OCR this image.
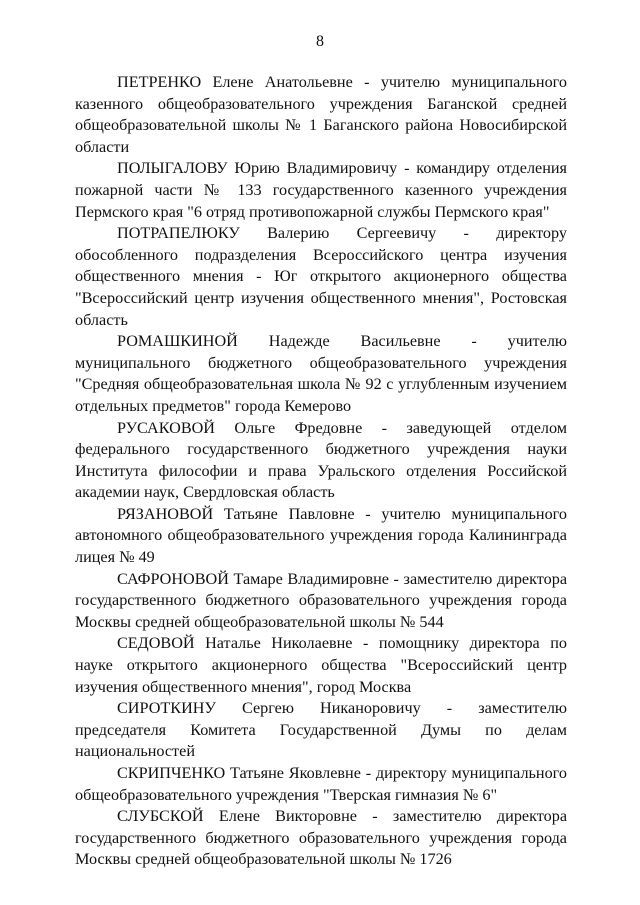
8

ПЕТРЕНКО Елене Анатольевне - учителю муниципального казенного общеобразовательного учреждения Баганской средней общеобразовательной школы № 1 Баганского района Новосибирской области

ПОЛЫГАЛОВУ Юрию Владимировичу - командиру отделения пожарной части № 133 государственного казенного учреждения Пермского края "6 отряд противопожарной службы Пермского края"

ПОТРАПЕЛЮКУ Валерию Сергеевичу - директору обособленного подразделения Всероссийского центра изучения общественного мнения - Юг открытого акционерного общества "Всероссийский центр изучения общественного мнения", Ростовская область

РОМАШКИНОЙ Надежде Васильевне - учителю муниципального бюджетного общеобразовательного учреждения "Средняя общеобразовательная школа № 92 с углубленным изучением отдельных предметов" города Кемерово

РУСАКОВОЙ Ольге Фредовне - заведующей отделом федерального государственного бюджетного учреждения науки Института философии и права Уральского отделения Российской академии наук, Свердловская область

РЯЗАНОВОЙ Татьяне Павловне - учителю муниципального автономного общеобразовательного учреждения города Калининграда лицея № 49

САФРОНОВОЙ Тамаре Владимировне - заместителю директора государственного бюджетного образовательного учреждения города Москвы средней общеобразовательной школы № 544

СЕДОВОЙ Наталье Николаевне - помощнику директора по науке открытого акционерного общества "Всероссийский центр изучения общественного мнения", город Москва

СИРОТКИНУ Сергею Никаноровичу - заместителю председателя Комитета Государственной Думы по делам национальностей

СКРИПЧЕНКО Татьяне Яковлевне - директору муниципального общеобразовательного учреждения "Тверская гимназия № 6"

СЛУБСКОЙ Елене Викторовне - заместителю директора государственного бюджетного образовательного учреждения города Москвы средней общеобразовательной школы № 1726
